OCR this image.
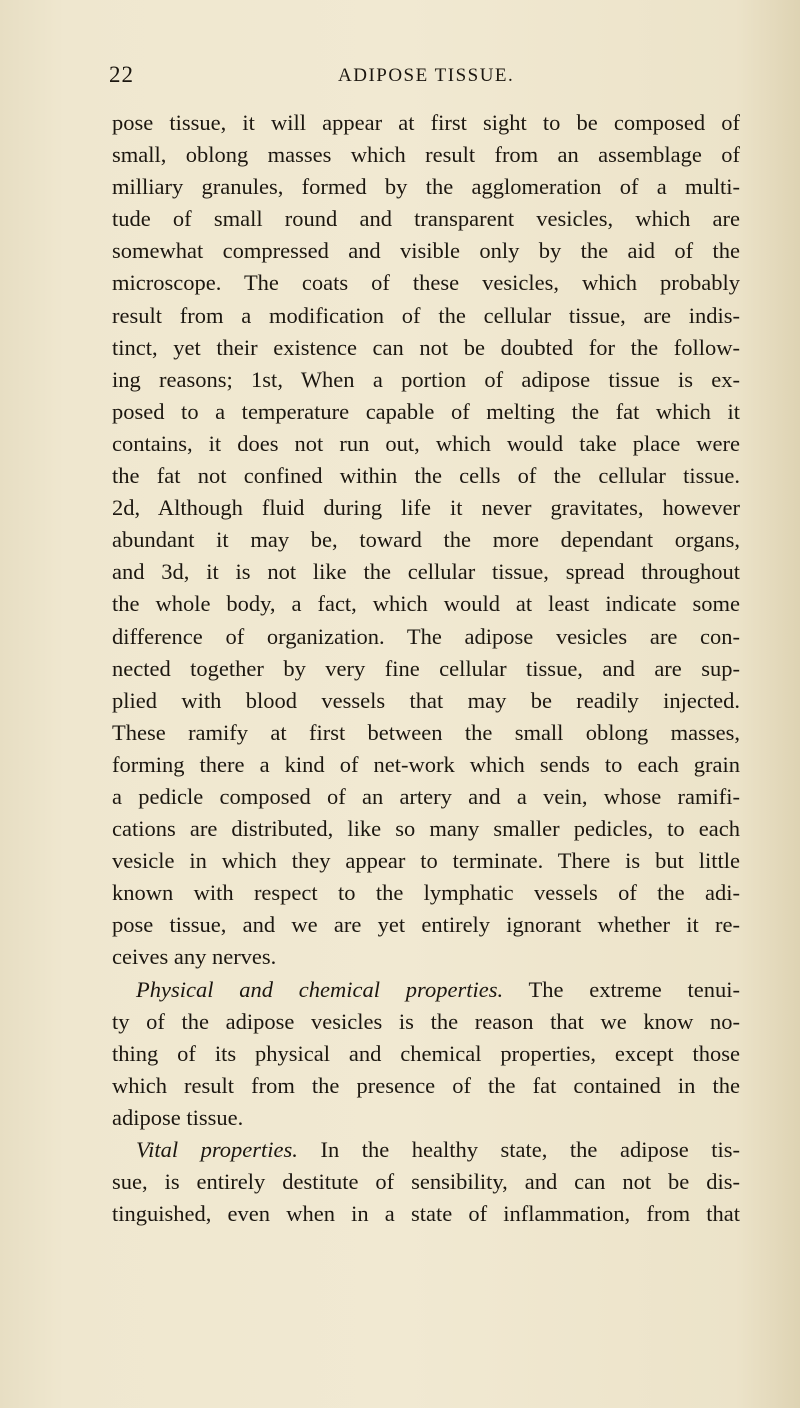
22	ADIPOSE TISSUE.
pose tissue, it will appear at first sight to be composed of
small, oblong masses which result from an assemblage of
milliary granules, formed by the agglomeration of a multi-
tude of small round and transparent vesicles, which are
somewhat compressed and visible only by the aid of the
microscope. The coats of these vesicles, which probably
result from a modification of the cellular tissue, are indis-
tinct, yet their existence can not be doubted for the follow-
ing reasons; 1st, When a portion of adipose tissue is ex-
posed to a temperature capable of melting the fat which it
contains, it does not run out, which would take place were
the fat not confined within the cells of the cellular tissue.
2d, Although fluid during life it never gravitates, however
abundant it may be, toward the more dependant organs,
and 3d, it is not like the cellular tissue, spread throughout
the whole body, a fact, which would at least indicate some
difference of organization. The adipose vesicles are con-
nected together by very fine cellular tissue, and are sup-
plied with blood vessels that may be readily injected.
These ramify at first between the small oblong masses,
forming there a kind of net-work which sends to each grain
a pedicle composed of an artery and a vein, whose ramifi-
cations are distributed, like so many smaller pedicles, to each
vesicle in which they appear to terminate. There is but little
known with respect to the lymphatic vessels of the adi-
pose tissue, and we are yet entirely ignorant whether it re-
ceives any nerves.
Physical and chemical properties. The extreme tenui-
ty of the adipose vesicles is the reason that we know no-
thing of its physical and chemical properties, except those
which result from the presence of the fat contained in the
adipose tissue.
Vital properties. In the healthy state, the adipose tis-
sue, is entirely destitute of sensibility, and can not be dis-
tinguished, even when in a state of inflammation, from that
